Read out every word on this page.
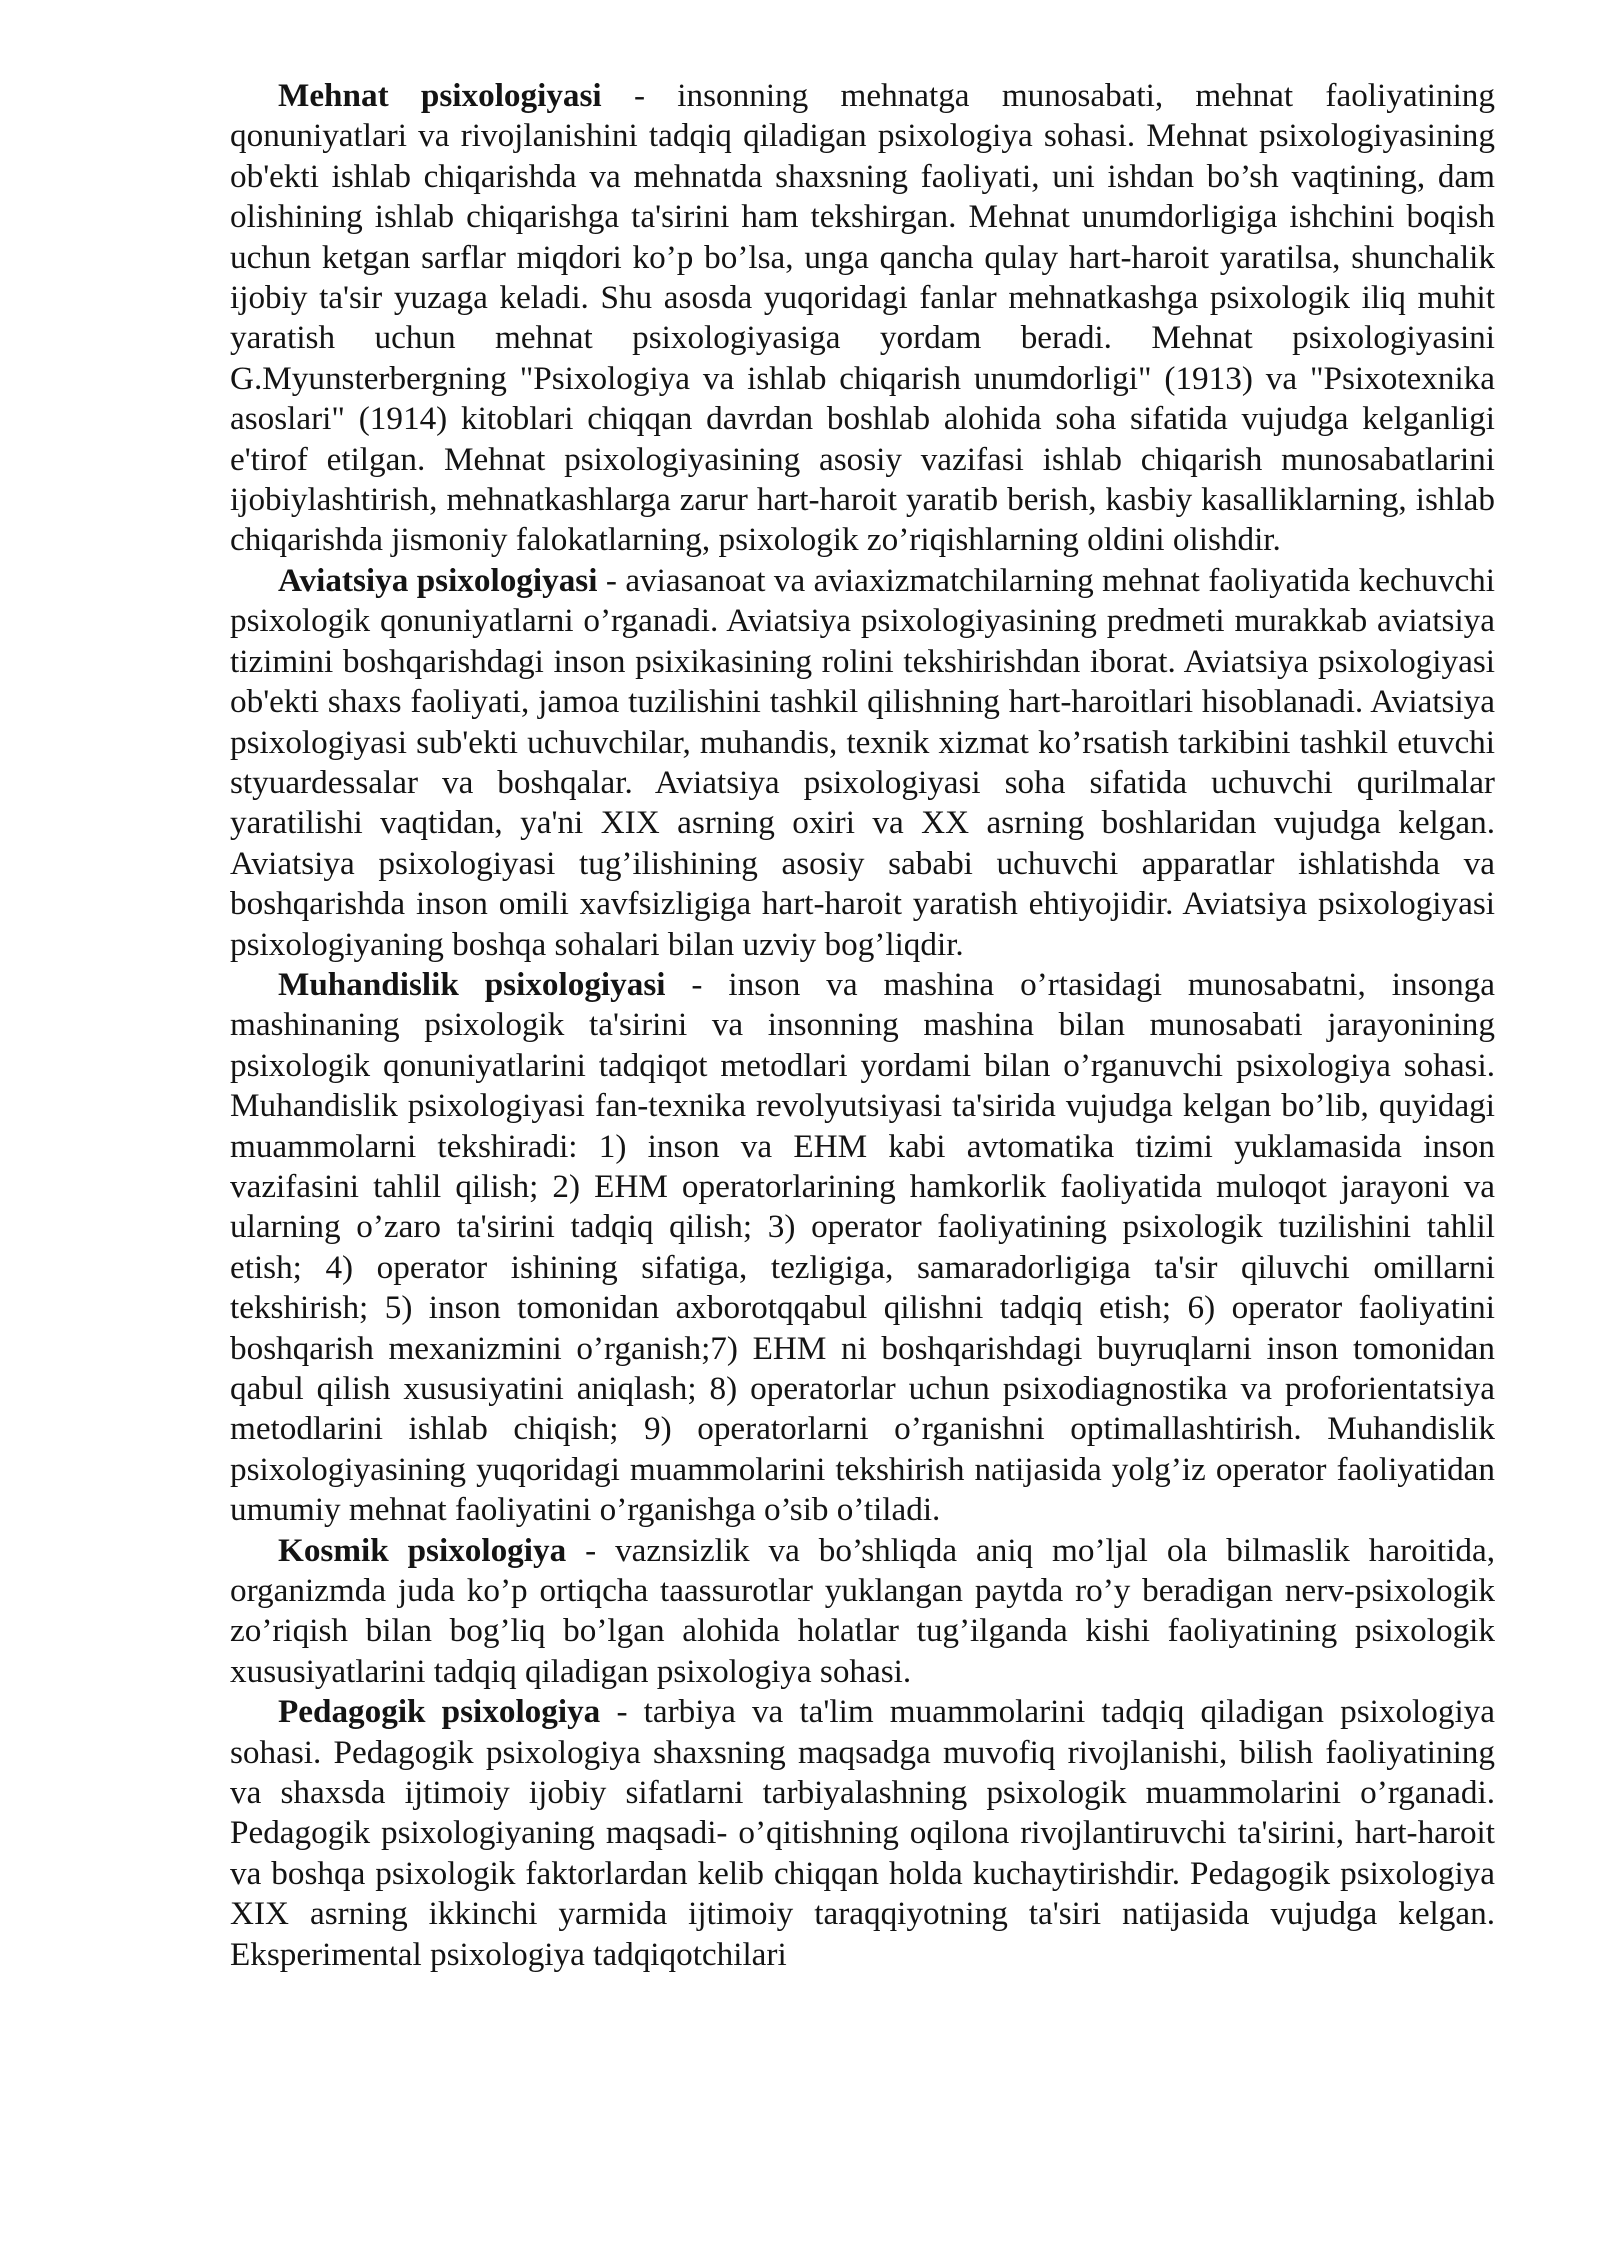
Mehnat psixologiyasi - insonning mehnatga munosabati, mehnat faoliyatining qonuniyatlari va rivojlanishini tadqiq qiladigan psixologiya sohasi. Mehnat psixologiyasining ob'ekti ishlab chiqarishda va mehnatda shaxsning faoliyati, uni ishdan bo’sh vaqtining, dam olishining ishlab chiqarishga ta'sirini ham tekshirgan. Mehnat unumdorligiga ishchini boqish uchun ketgan sarflar miqdori ko’p bo’lsa, unga qancha qulay hart-haroit yaratilsa, shunchalik ijobiy ta'sir yuzaga keladi. Shu asosda yuqoridagi fanlar mehnatkashga psixologik iliq muhit yaratish uchun mehnat psixologiyasiga yordam beradi. Mehnat psixologiyasini G.Myunsterbergning "Psixologiya va ishlab chiqarish unumdorligi" (1913) va "Psixotexnika asoslari" (1914) kitoblari chiqqan davrdan boshlab alohida soha sifatida vujudga kelganligi e'tirof etilgan. Mehnat psixologiyasining asosiy vazifasi ishlab chiqarish munosabatlarini ijobiylashtirish, mehnatkashlarga zarur hart-haroit yaratib berish, kasbiy kasalliklarning, ishlab chiqarishda jismoniy falokatlarning, psixologik zo’riqishlarning oldini olishdir.

Aviatsiya psixologiyasi - aviasanoat va aviaxizmatchilarning mehnat faoliyatida kechuvchi psixologik qonuniyatlarni o’rganadi. Aviatsiya psixologiyasining predmeti murakkab aviatsiya tizimini boshqarishdagi inson psixikasining rolini tekshirishdan iborat. Aviatsiya psixologiyasi ob'ekti shaxs faoliyati, jamoa tuzilishini tashkil qilishning hart-haroitlari hisoblanadi. Aviatsiya psixologiyasi sub'ekti uchuvchilar, muhandis, texnik xizmat ko’rsatish tarkibini tashkil etuvchi styuardessalar va boshqalar. Aviatsiya psixologiyasi soha sifatida uchuvchi qurilmalar yaratilishi vaqtidan, ya'ni XIX asrning oxiri va XX asrning boshlaridan vujudga kelgan. Aviatsiya psixologiyasi tug’ilishining asosiy sababi uchuvchi apparatlar ishlatishda va boshqarishda inson omili xavfsizligiga hart-haroit yaratish ehtiyojidir. Aviatsiya psixologiyasi psixologiyaning boshqa sohalari bilan uzviy bog’liqdir.

Muhandislik psixologiyasi - inson va mashina o’rtasidagi munosabatni, insonga mashinaning psixologik ta'sirini va insonning mashina bilan munosabati jarayonining psixologik qonuniyatlarini tadqiqot metodlari yordami bilan o’rganuvchi psixologiya sohasi. Muhandislik psixologiyasi fan-texnika revolyutsiyasi ta'sirida vujudga kelgan bo’lib, quyidagi muammolarni tekshiradi: 1) inson va EHM kabi avtomatika tizimi yuklamasida inson vazifasini tahlil qilish; 2) EHM operatorlarining hamkorlik faoliyatida muloqot jarayoni va ularning o’zaro ta'sirini tadqiq qilish; 3) operator faoliyatining psixologik tuzilishini tahlil etish; 4) operator ishining sifatiga, tezligiga, samaradorligiga ta'sir qiluvchi omillarni tekshirish; 5) inson tomonidan axborotqqabul qilishni tadqiq etish; 6) operator faoliyatini boshqarish mexanizmini o’rganish;7) EHM ni boshqarishdagi buyruqlarni inson tomonidan qabul qilish xususiyatini aniqlash; 8) operatorlar uchun psixodiagnostika va proforientatsiya metodlarini ishlab chiqish; 9) operatorlarni o’rganishni optimallashtirish. Muhandislik psixologiyasining yuqoridagi muammolarini tekshirish natijasida yolg’iz operator faoliyatidan umumiy mehnat faoliyatini o’rganishga o’sib o’tiladi.

Kosmik psixologiya - vaznsizlik va bo’shliqda aniq mo’ljal ola bilmaslik haroitida, organizmda juda ko’p ortiqcha taassurotlar yuklangan paytda ro’y beradigan nerv-psixologik zo’riqish bilan bog’liq bo’lgan alohida holatlar tug’ilganda kishi faoliyatining psixologik xususiyatlarini tadqiq qiladigan psixologiya sohasi.

Pedagogik psixologiya - tarbiya va ta'lim muammolarini tadqiq qiladigan psixologiya sohasi. Pedagogik psixologiya shaxsning maqsadga muvofiq rivojlanishi, bilish faoliyatining va shaxsda ijtimoiy ijobiy sifatlarni tarbiyalashning psixologik muammolarini o’rganadi. Pedagogik psixologiyaning maqsadi- o’qitishning oqilona rivojlantiruvchi ta'sirini, hart-haroit va boshqa psixologik faktorlardan kelib chiqqan holda kuchaytirishdir. Pedagogik psixologiya XIX asrning ikkinchi yarmida ijtimoiy taraqqiyotning ta'siri natijasida vujudga kelgan. Eksperimental psixologiya tadqiqotchilari
